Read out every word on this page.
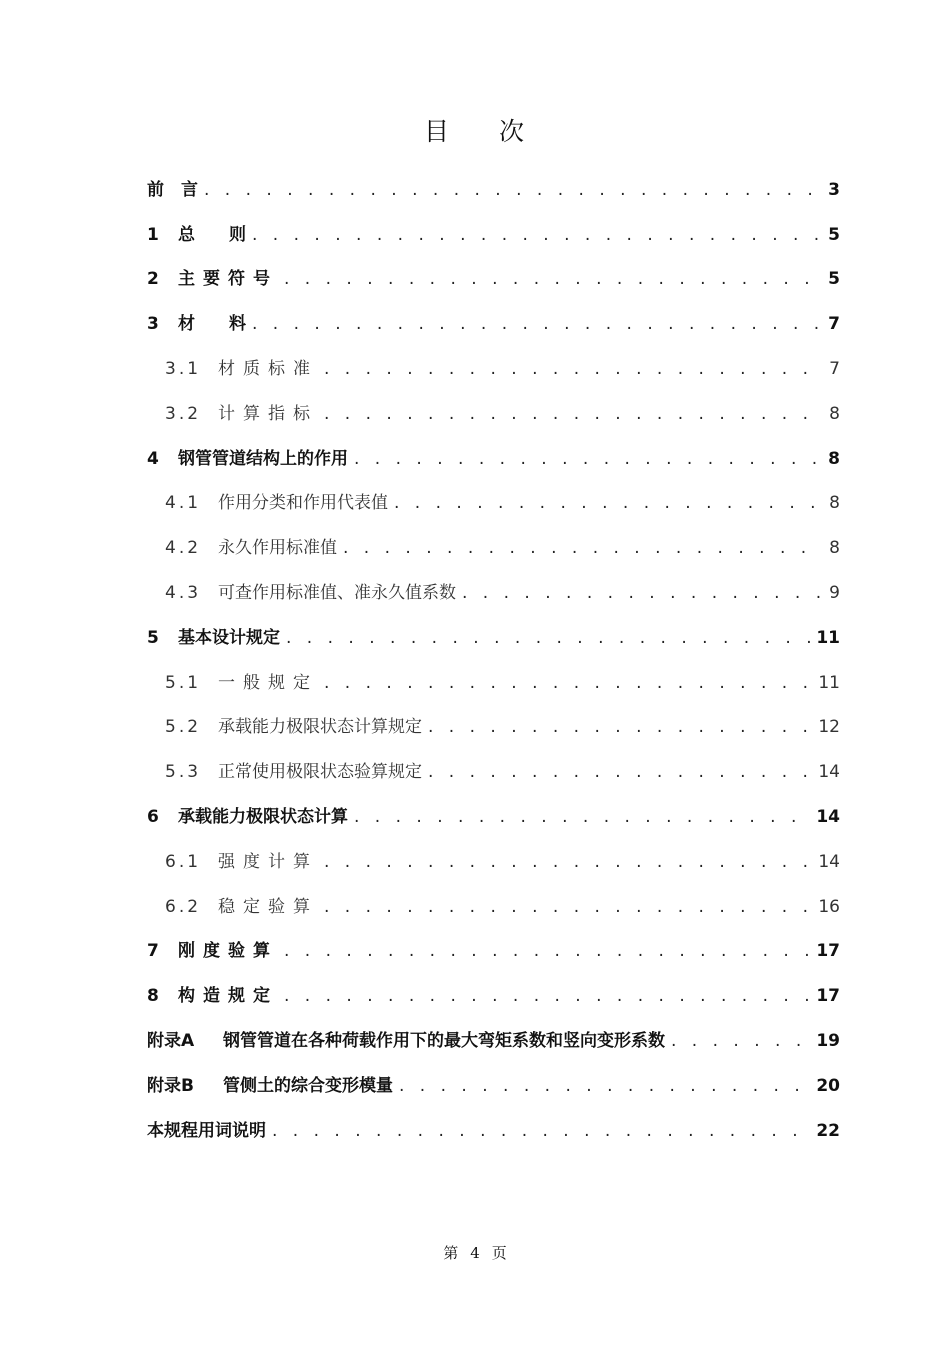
目 次
前　言 . . .	3
1	总　　则 . . .	5
2	主要符号 . . .	5
3	材　　料 . . .	7
3.1 材质标准 . . .	7
3.2 计算指标 . . .	8
4	钢管管道结构上的作用 . . .	8
4.1 作用分类和作用代表值 . . .	8
4.2 永久作用标准值 . . .	8
4.3 可查作用标准值、准永久值系数 . . .	9
5	基本设计规定 . . .	11
5.1 一般规定 . . .	11
5.2 承载能力极限状态计算规定 . . .	12
5.3 正常使用极限状态验算规定 . . .	14
6	承载能力极限状态计算 . . .	14
6.1 强度计算 . . .	14
6.2 稳定验算 . . .	16
7	刚度验算 . . .	17
8	构造规定 . . .	17
附录A	钢管管道在各种荷载作用下的最大弯矩系数和竖向变形系数 . . .	19
附录B	管侧土的综合变形模量 . . .	20
本规程用词说明 . . .	22
第 4 页
